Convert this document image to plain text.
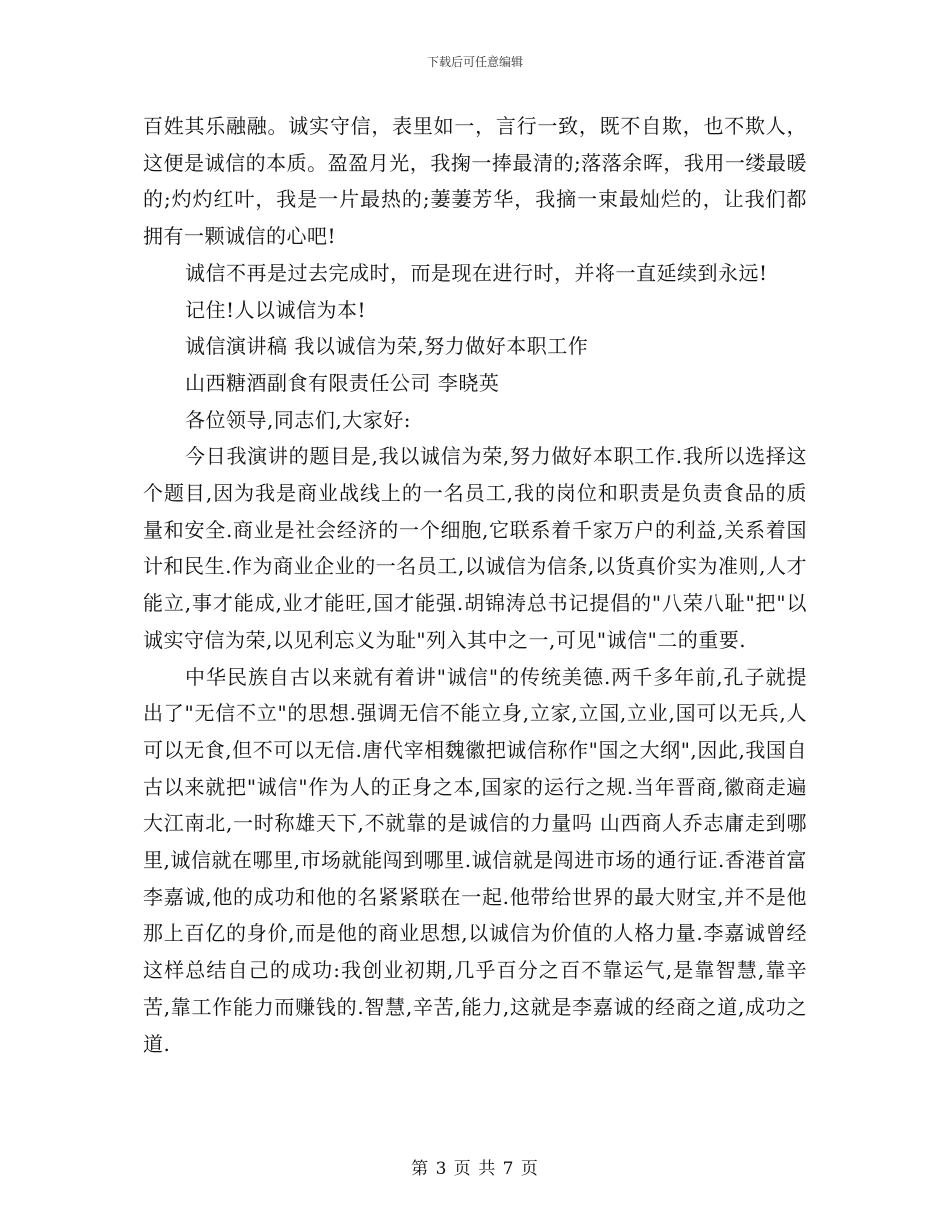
下载后可任意编辑

百姓其乐融融。诚实守信，表里如一，言行一致，既不自欺，也不欺人，这便是诚信的本质。盈盈月光，我掬一捧最清的;落落余晖，我用一缕最暖的;灼灼红叶，我是一片最热的;萋萋芳华，我摘一束最灿烂的，让我们都拥有一颗诚信的心吧!

诚信不再是过去完成时，而是现在进行时，并将一直延续到永远!

记住!人以诚信为本!

诚信演讲稿 我以诚信为荣,努力做好本职工作

山西糖酒副食有限责任公司 李晓英

各位领导,同志们,大家好:

今日我演讲的题目是,我以诚信为荣,努力做好本职工作.我所以选择这个题目,因为我是商业战线上的一名员工,我的岗位和职责是负责食品的质量和安全.商业是社会经济的一个细胞,它联系着千家万户的利益,关系着国计和民生.作为商业企业的一名员工,以诚信为信条,以货真价实为准则,人才能立,事才能成,业才能旺,国才能强.胡锦涛总书记提倡的"八荣八耻"把"以诚实守信为荣,以见利忘义为耻"列入其中之一,可见"诚信"二的重要.

中华民族自古以来就有着讲"诚信"的传统美德.两千多年前,孔子就提出了"无信不立"的思想.强调无信不能立身,立家,立国,立业,国可以无兵,人可以无食,但不可以无信.唐代宰相魏徽把诚信称作"国之大纲",因此,我国自古以来就把"诚信"作为人的正身之本,国家的运行之规.当年晋商,徽商走遍大江南北,一时称雄天下,不就靠的是诚信的力量吗 山西商人乔志庸走到哪里,诚信就在哪里,市场就能闯到哪里.诚信就是闯进市场的通行证.香港首富李嘉诚,他的成功和他的名紧紧联在一起.他带给世界的最大财宝,并不是他那上百亿的身价,而是他的商业思想,以诚信为价值的人格力量.李嘉诚曾经这样总结自己的成功:我创业初期,几乎百分之百不靠运气,是靠智慧,靠辛苦,靠工作能力而赚钱的.智慧,辛苦,能力,这就是李嘉诚的经商之道,成功之道.

第 3 页 共 7 页
